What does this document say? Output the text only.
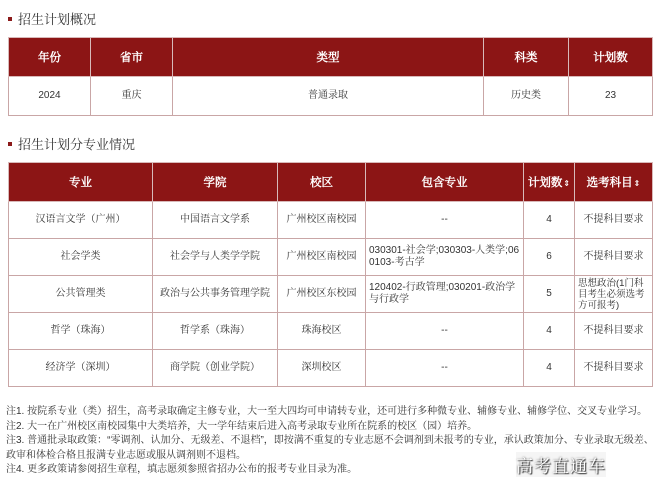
招生计划概况
年份	省市	类型	科类	计划数
2024	重庆	普通录取	历史类	23
招生计划分专业情况
专业	学院	校区	包含专业	计划数⇕	选考科目⇕
汉语言文学（广州）	中国语言文学系	广州校区南校园	--	4	不提科目要求
社会学类	社会学与人类学学院	广州校区南校园	030301-社会学;030303-人类学;060103-考古学	6	不提科目要求
公共管理类	政治与公共事务管理学院	广州校区东校园	120402-行政管理;030201-政治学与行政学	5	思想政治(1门科目考生必须选考方可报考)
哲学（珠海）	哲学系（珠海）	珠海校区	--	4	不提科目要求
经济学（深圳）	商学院（创业学院）	深圳校区	--	4	不提科目要求
注1. 按院系专业（类）招生，高考录取确定主修专业，大一至大四均可申请转专业，还可进行多种微专业、辅修专业、辅修学位、交叉专业学习。
注2. 大一在广州校区南校园集中大类培养，大一学年结束后进入高考录取专业所在院系的校区（园）培养。
注3. 普通批录取政策：“零调剂、认加分、无级差、不退档”，即按满不重复的专业志愿不会调剂到未报考的专业，承认政策加分、专业录取无级差、政审和体检合格且报满专业志愿或服从调剂则不退档。
注4. 更多政策请参阅招生章程，填志愿须参照省招办公布的报考专业目录为准。	高考直通车
